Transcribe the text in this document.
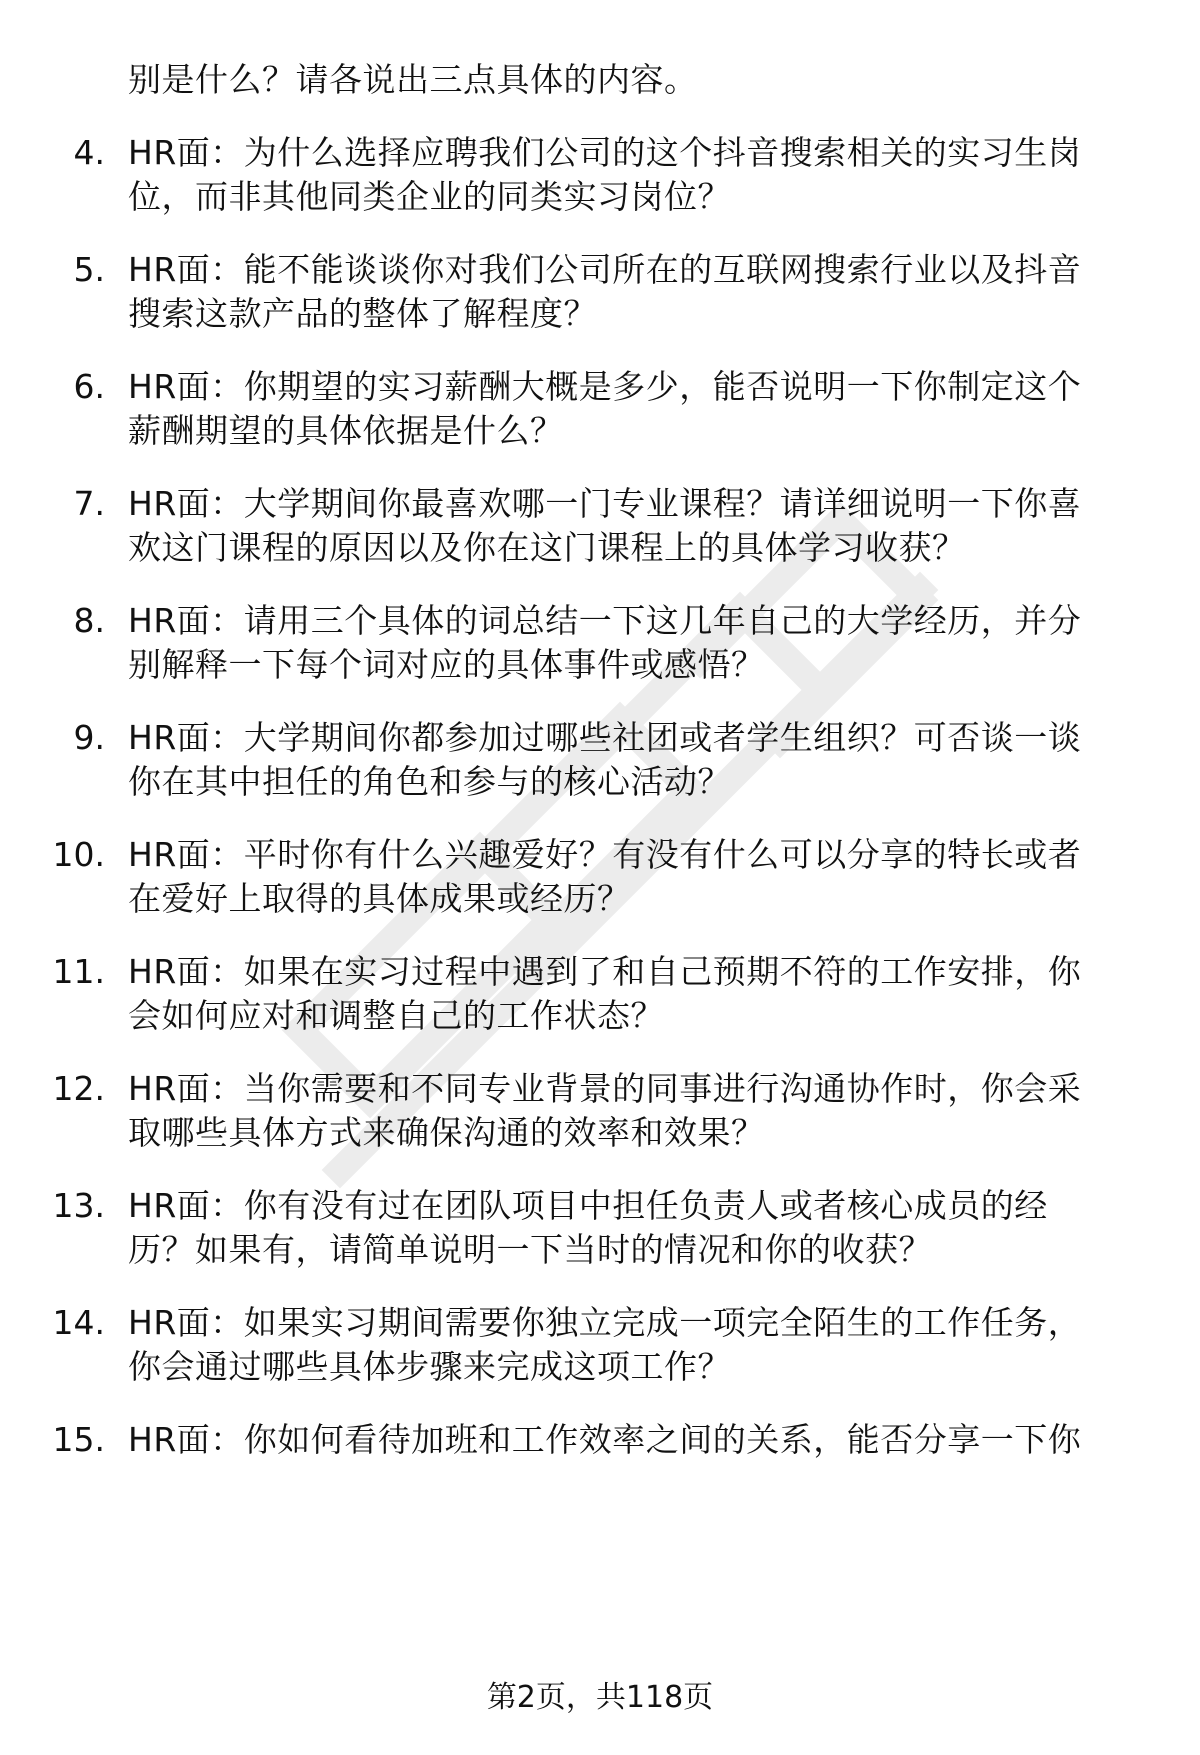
别是什么？请各说出三点具体的内容。
4. HR面：为什么选择应聘我们公司的这个抖音搜索相关的实习生岗
位，而非其他同类企业的同类实习岗位？
5. HR面：能不能谈谈你对我们公司所在的互联网搜索行业以及抖音
搜索这款产品的整体了解程度？
6. HR面：你期望的实习薪酬大概是多少，能否说明一下你制定这个
薪酬期望的具体依据是什么？
7. HR面：大学期间你最喜欢哪一门专业课程？请详细说明一下你喜
欢这门课程的原因以及你在这门课程上的具体学习收获？
8. HR面：请用三个具体的词总结一下这几年自己的大学经历，并分
别解释一下每个词对应的具体事件或感悟？
9. HR面：大学期间你都参加过哪些社团或者学生组织？可否谈一谈
你在其中担任的角色和参与的核心活动？
10. HR面：平时你有什么兴趣爱好？有没有什么可以分享的特长或者
在爱好上取得的具体成果或经历？
11. HR面：如果在实习过程中遇到了和自己预期不符的工作安排，你
会如何应对和调整自己的工作状态？
12. HR面：当你需要和不同专业背景的同事进行沟通协作时，你会采
取哪些具体方式来确保沟通的效率和效果？
13. HR面：你有没有过在团队项目中担任负责人或者核心成员的经
历？如果有，请简单说明一下当时的情况和你的收获？
14. HR面：如果实习期间需要你独立完成一项完全陌生的工作任务，
你会通过哪些具体步骤来完成这项工作？
15. HR面：你如何看待加班和工作效率之间的关系，能否分享一下你
第2页，共118页
